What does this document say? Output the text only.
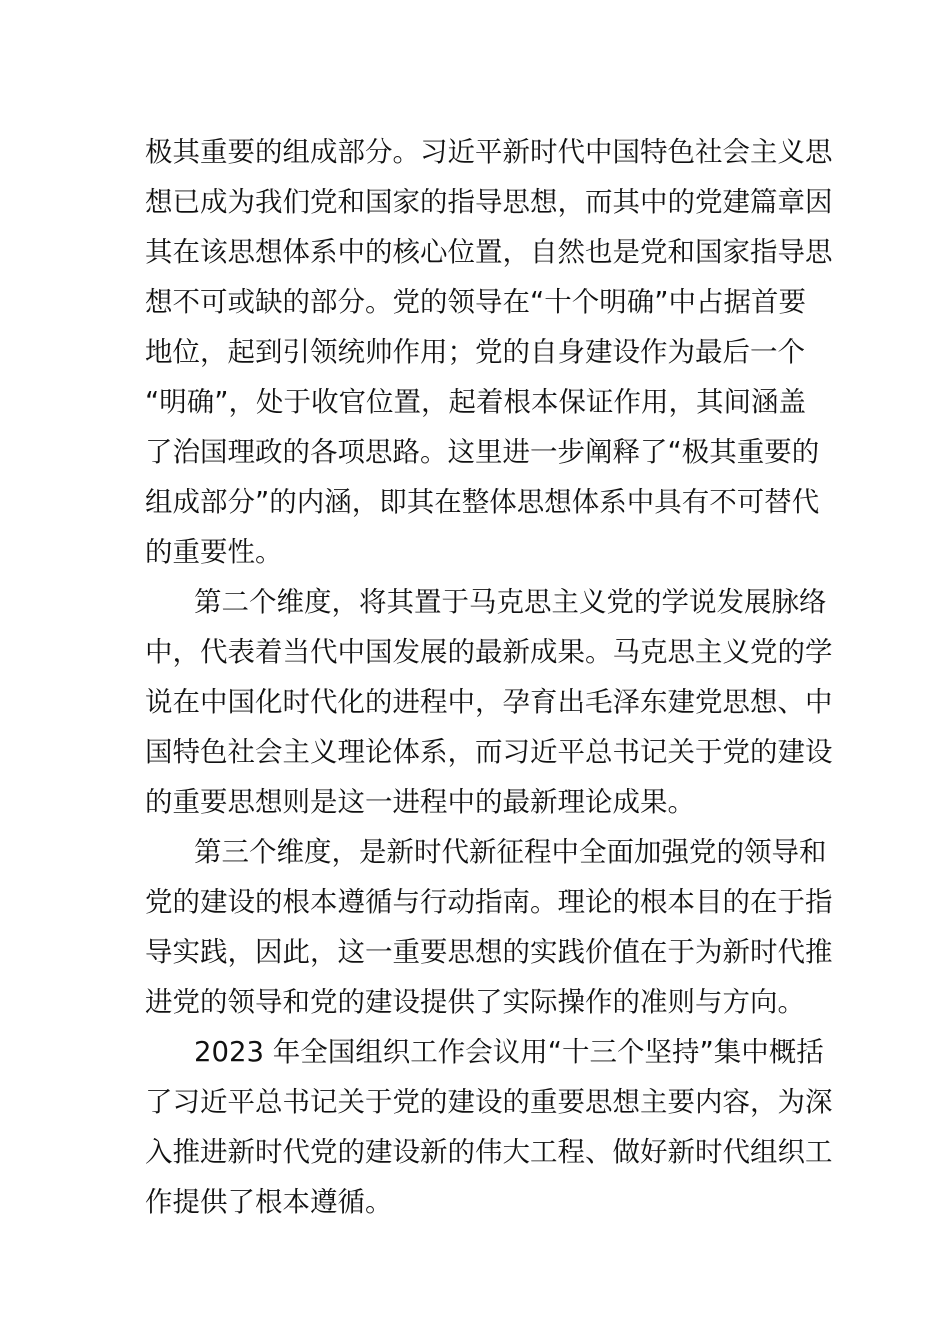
极其重要的组成部分。习近平新时代中国特色社会主义思
想已成为我们党和国家的指导思想，而其中的党建篇章因
其在该思想体系中的核心位置，自然也是党和国家指导思
想不可或缺的部分。党的领导在“十个明确”中占据首要
地位，起到引领统帅作用；党的自身建设作为最后一个
“明确”，处于收官位置，起着根本保证作用，其间涵盖
了治国理政的各项思路。这里进一步阐释了“极其重要的
组成部分”的内涵，即其在整体思想体系中具有不可替代
的重要性。
第二个维度，将其置于马克思主义党的学说发展脉络
中，代表着当代中国发展的最新成果。马克思主义党的学
说在中国化时代化的进程中，孕育出毛泽东建党思想、中
国特色社会主义理论体系，而习近平总书记关于党的建设
的重要思想则是这一进程中的最新理论成果。
第三个维度，是新时代新征程中全面加强党的领导和
党的建设的根本遵循与行动指南。理论的根本目的在于指
导实践，因此，这一重要思想的实践价值在于为新时代推
进党的领导和党的建设提供了实际操作的准则与方向。
2023 年全国组织工作会议用“十三个坚持”集中概括
了习近平总书记关于党的建设的重要思想主要内容，为深
入推进新时代党的建设新的伟大工程、做好新时代组织工
作提供了根本遵循。
